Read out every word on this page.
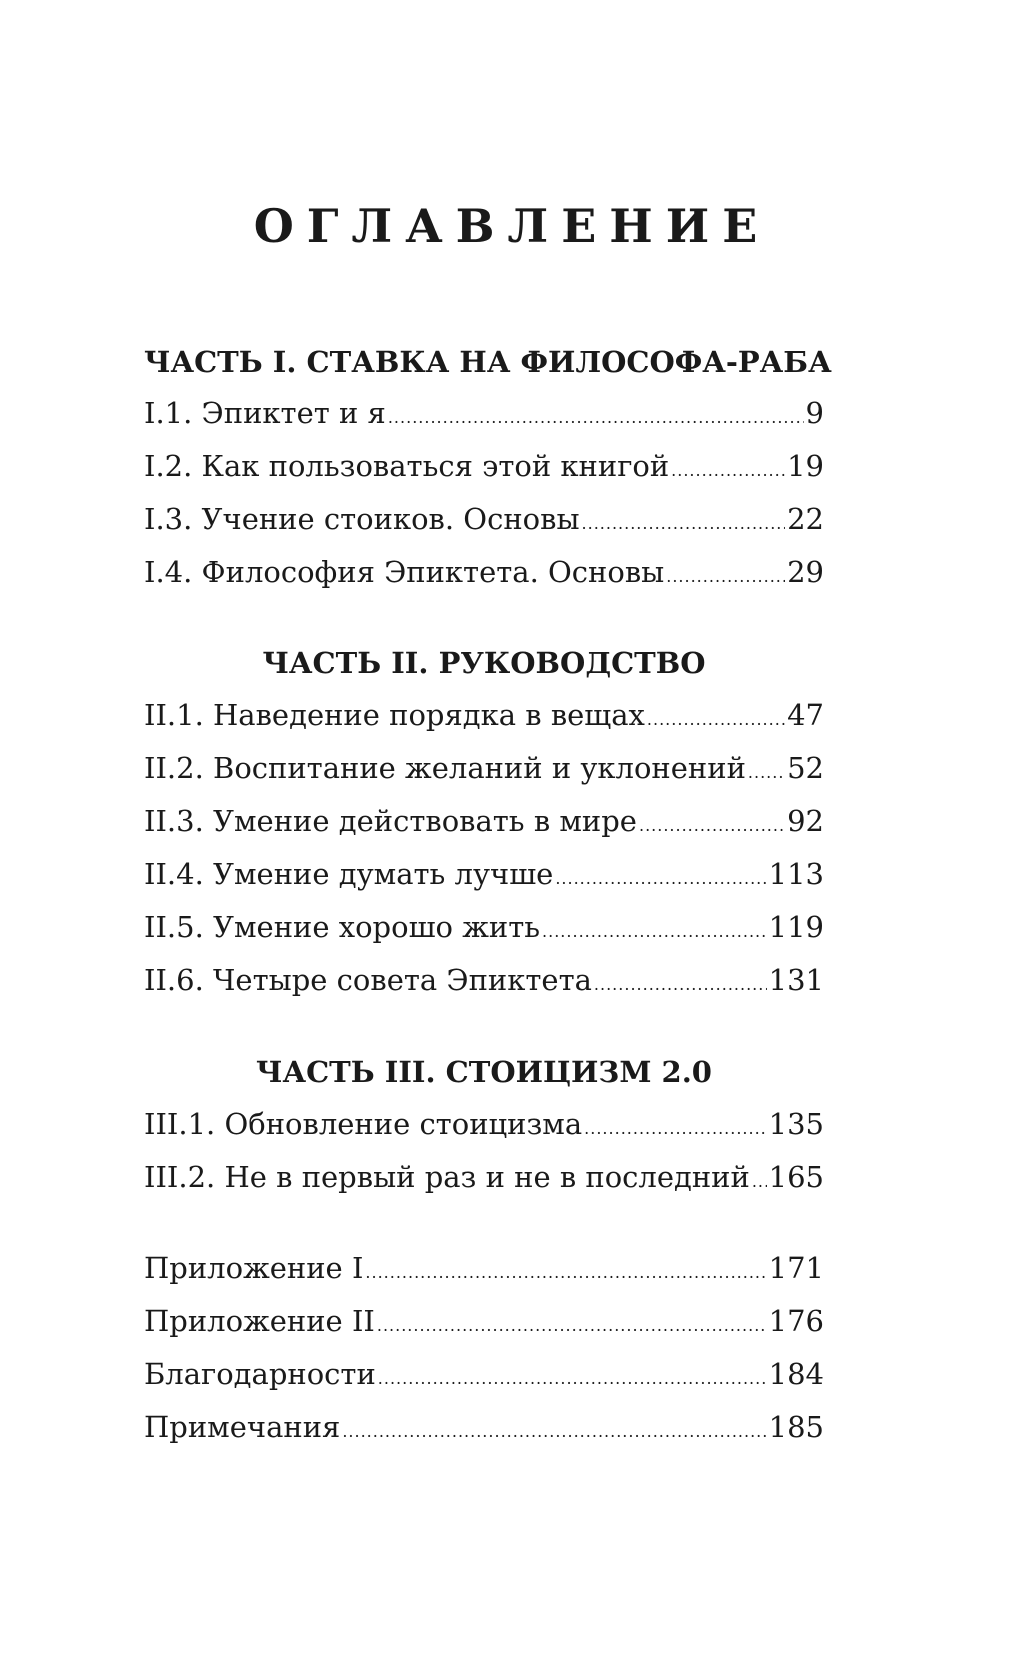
ОГЛАВЛЕНИЕ
ЧАСТЬ I. СТАВКА НА ФИЛОСОФА-РАБА
I.1. Эпиктет и я .....	9
I.2. Как пользоваться этой книгой .....	19
I.3. Учение стоиков. Основы .....	22
I.4. Философия Эпиктета. Основы .....	29
ЧАСТЬ II. РУКОВОДСТВО
II.1. Наведение порядка в вещах .....	47
II.2. Воспитание желаний и уклонений ..... 52
II.3. Умение действовать в мире .....	92
II.4. Умение думать лучше .....	113
II.5. Умение хорошо жить .....	119
II.6. Четыре совета Эпиктета .....	131
ЧАСТЬ III. СТОИЦИЗМ 2.0
III.1. Обновление стоицизма .....	135
III.2. Не в первый раз и не в последний ..... 165
Приложение I .....	171
Приложение II .....	176
Благодарности .....	184
Примечания .....	185
